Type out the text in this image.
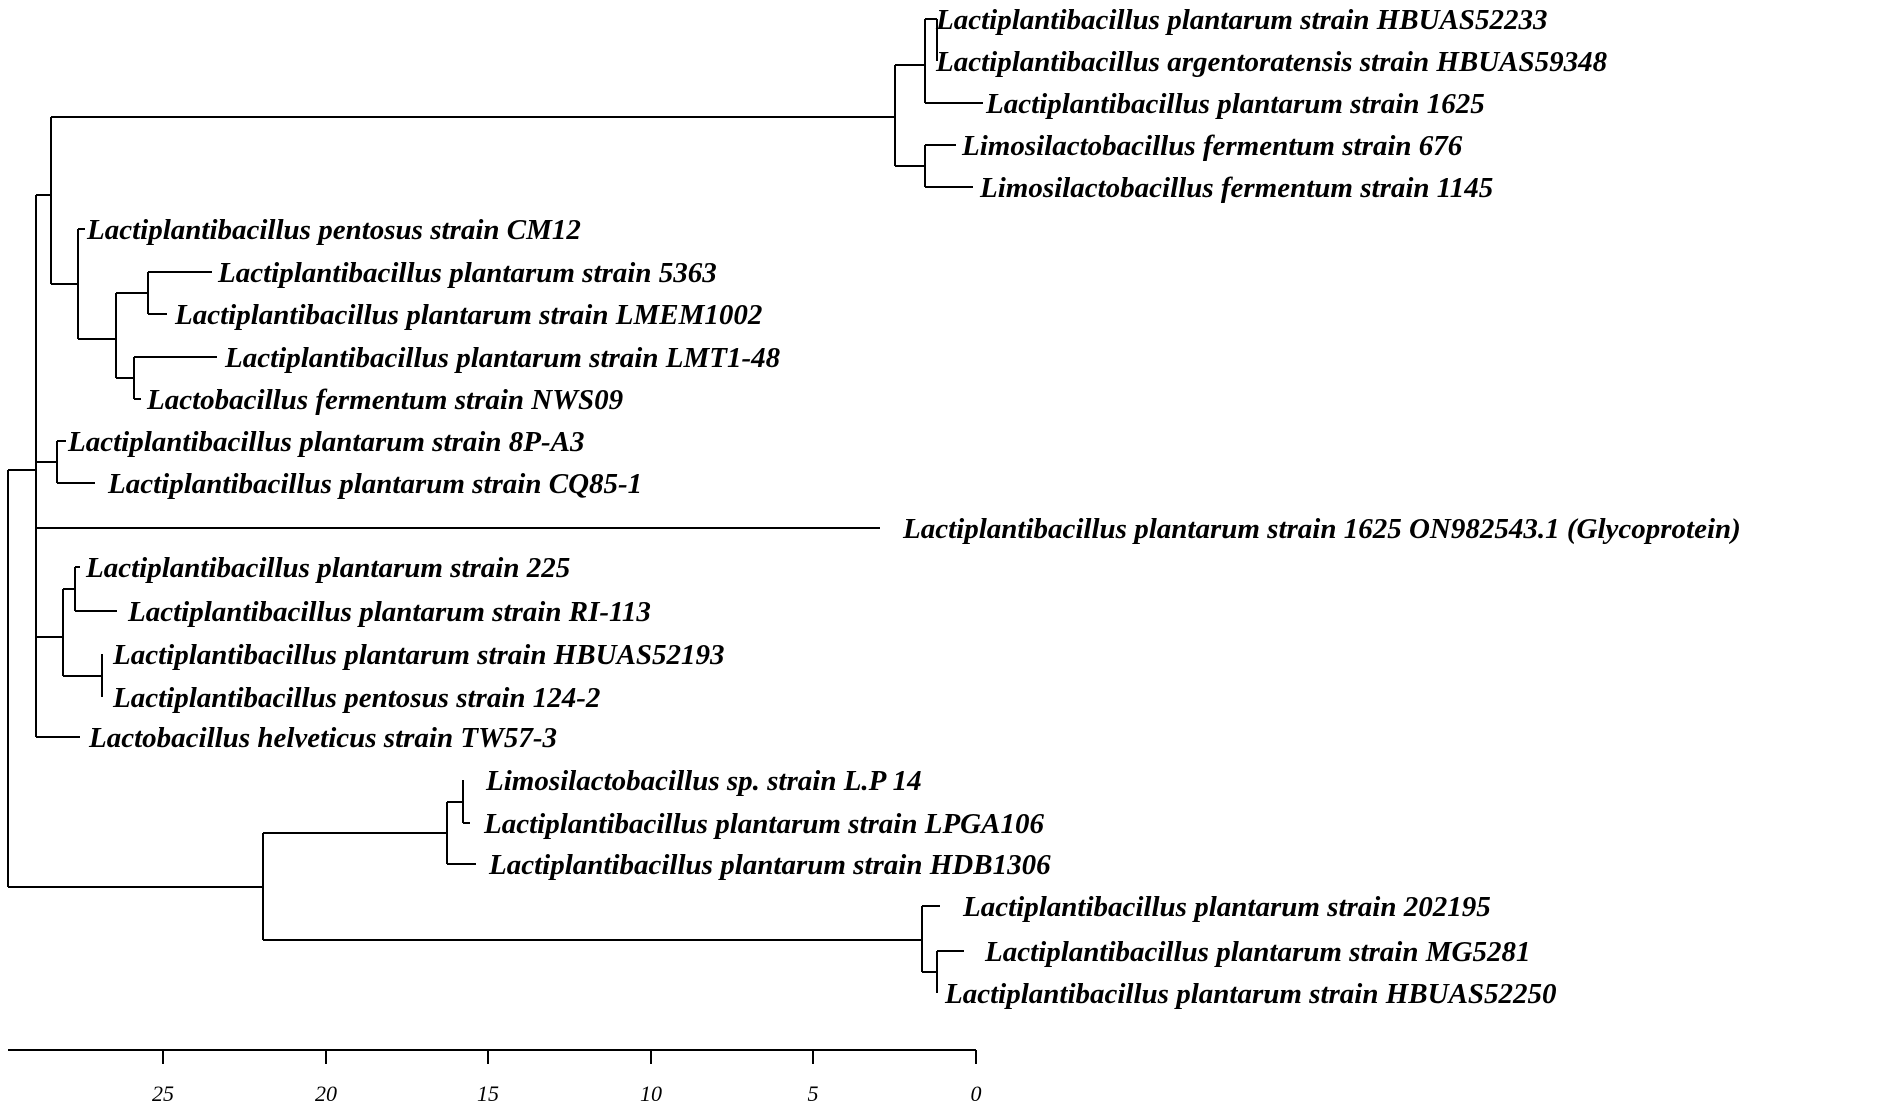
Lactiplantibacillus plantarum strain HBUAS52233
Lactiplantibacillus argentoratensis strain HBUAS59348
Lactiplantibacillus plantarum strain 1625
Limosilactobacillus fermentum strain 676
Limosilactobacillus fermentum strain 1145
Lactiplantibacillus pentosus strain CM12
Lactiplantibacillus plantarum strain 5363
Lactiplantibacillus plantarum strain LMEM1002
Lactiplantibacillus plantarum strain LMT1-48
Lactobacillus fermentum strain NWS09
Lactiplantibacillus plantarum strain 8P-A3
Lactiplantibacillus plantarum strain CQ85-1
Lactiplantibacillus plantarum strain 1625 ON982543.1 (Glycoprotein)
Lactiplantibacillus plantarum strain 225
Lactiplantibacillus plantarum strain RI-113
Lactiplantibacillus plantarum strain HBUAS52193
Lactiplantibacillus pentosus strain 124-2
Lactobacillus helveticus strain TW57-3
Limosilactobacillus sp. strain L.P 14
Lactiplantibacillus plantarum strain LPGA106
Lactiplantibacillus plantarum strain HDB1306
Lactiplantibacillus plantarum strain 202195
Lactiplantibacillus plantarum strain MG5281
Lactiplantibacillus plantarum strain HBUAS52250
25	20	15	10	5	0
